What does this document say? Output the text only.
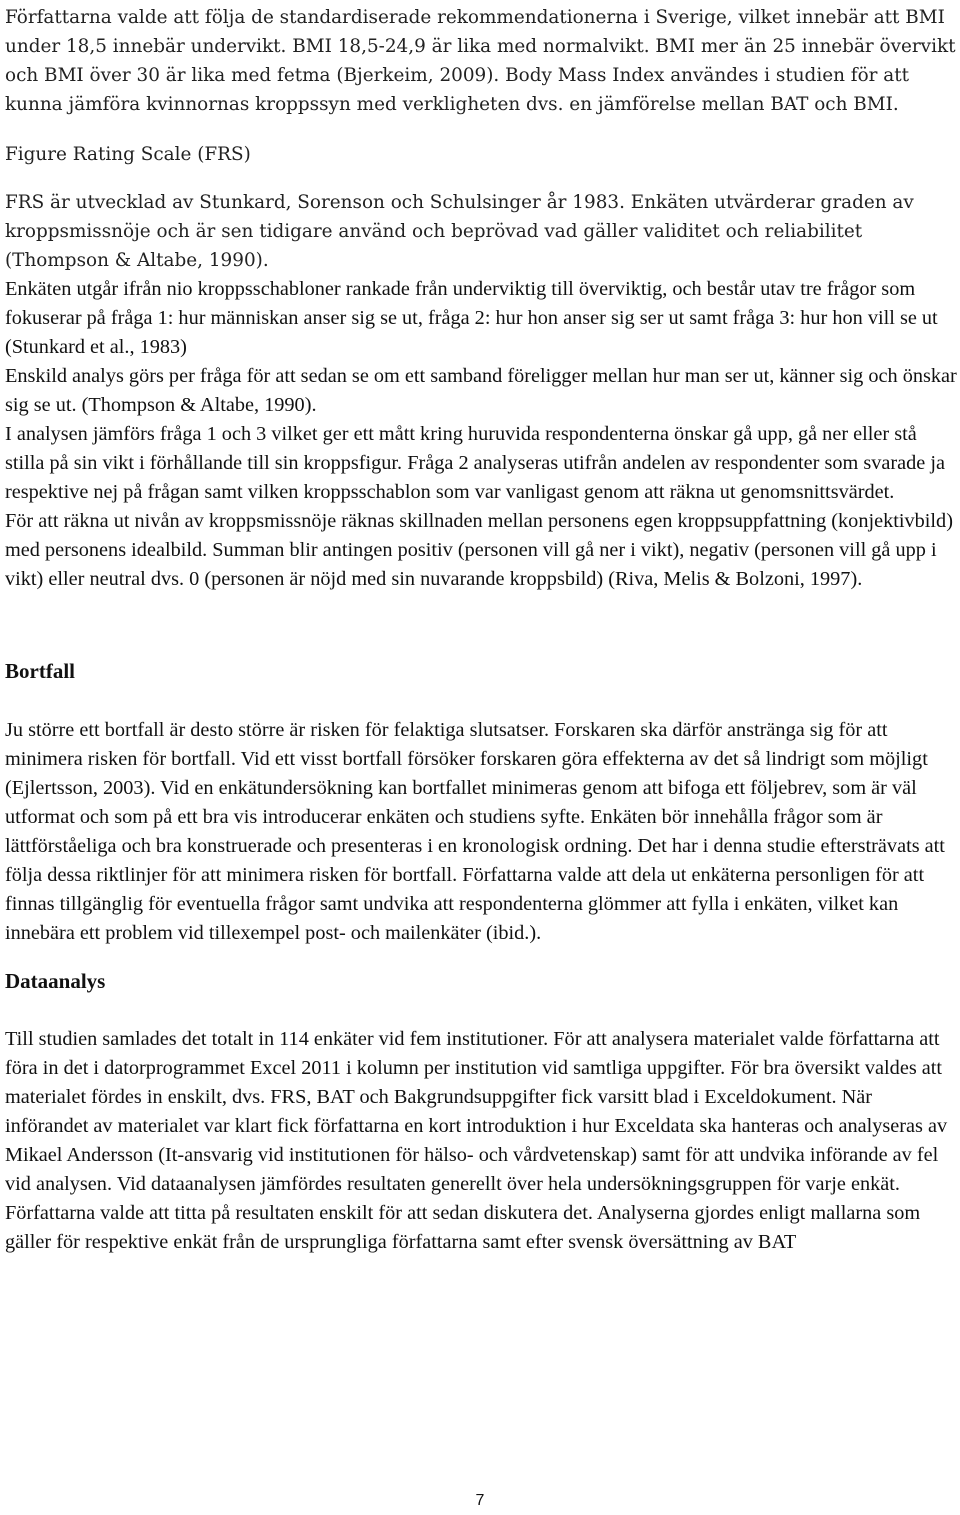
Författarna valde att följa de standardiserade rekommendationerna i Sverige, vilket innebär att BMI under 18,5 innebär undervikt. BMI 18,5-24,9 är lika med normalvikt. BMI mer än 25 innebär övervikt och BMI över 30 är lika med fetma (Bjerkeim, 2009). Body Mass Index användes i studien för att kunna jämföra kvinnornas kroppssyn med verkligheten dvs. en jämförelse mellan BAT och BMI.

Figure Rating Scale (FRS)

FRS är utvecklad av Stunkard, Sorenson och Schulsinger år 1983. Enkäten utvärderar graden av kroppsmissnöje och är sen tidigare använd och beprövad vad gäller validitet och reliabilitet (Thompson & Altabe, 1990).

Enkäten utgår ifrån nio kroppsschabloner rankade från underviktig till överviktig, och består utav tre frågor som fokuserar på fråga 1: hur människan anser sig se ut, fråga 2: hur hon anser sig ser ut samt fråga 3: hur hon vill se ut (Stunkard et al., 1983)

Enskild analys görs per fråga för att sedan se om ett samband föreligger mellan hur man ser ut, känner sig och önskar sig se ut. (Thompson & Altabe, 1990).

I analysen jämförs fråga 1 och 3 vilket ger ett mått kring huruvida respondenterna önskar gå upp, gå ner eller stå stilla på sin vikt i förhållande till sin kroppsfigur. Fråga 2 analyseras utifrån andelen av respondenter som svarade ja respektive nej på frågan samt vilken kroppsschablon som var vanligast genom att räkna ut genomsnittsvärdet.

För att räkna ut nivån av kroppsmissnöje räknas skillnaden mellan personens egen kroppsuppfattning (konjektivbild) med personens idealbild. Summan blir antingen positiv (personen vill gå ner i vikt), negativ (personen vill gå upp i vikt) eller neutral dvs. 0 (personen är nöjd med sin nuvarande kroppsbild) (Riva, Melis & Bolzoni, 1997).

Bortfall

Ju större ett bortfall är desto större är risken för felaktiga slutsatser. Forskaren ska därför anstränga sig för att minimera risken för bortfall. Vid ett visst bortfall försöker forskaren göra effekterna av det så lindrigt som möjligt (Ejlertsson, 2003). Vid en enkätundersökning kan bortfallet minimeras genom att bifoga ett följebrev, som är väl utformat och som på ett bra vis introducerar enkäten och studiens syfte. Enkäten bör innehålla frågor som är lättförståeliga och bra konstruerade och presenteras i en kronologisk ordning. Det har i denna studie eftersträvats att följa dessa riktlinjer för att minimera risken för bortfall. Författarna valde att dela ut enkäterna personligen för att finnas tillgänglig för eventuella frågor samt undvika att respondenterna glömmer att fylla i enkäten, vilket kan innebära ett problem vid tillexempel post- och mailenkäter (ibid.).

Dataanalys

Till studien samlades det totalt in 114 enkäter vid fem institutioner. För att analysera materialet valde författarna att föra in det i datorprogrammet Excel 2011 i kolumn per institution vid samtliga uppgifter. För bra översikt valdes att materialet fördes in enskilt, dvs. FRS, BAT och Bakgrundsuppgifter fick varsitt blad i Exceldokument. När införandet av materialet var klart fick författarna en kort introduktion i hur Exceldata ska hanteras och analyseras av Mikael Andersson (It-ansvarig vid institutionen för hälso- och vårdvetenskap) samt för att undvika införande av fel vid analysen. Vid dataanalysen jämfördes resultaten generellt över hela undersökningsgruppen för varje enkät. Författarna valde att titta på resultaten enskilt för att sedan diskutera det. Analyserna gjordes enligt mallarna som gäller för respektive enkät från de ursprungliga författarna samt efter svensk översättning av BAT

7
